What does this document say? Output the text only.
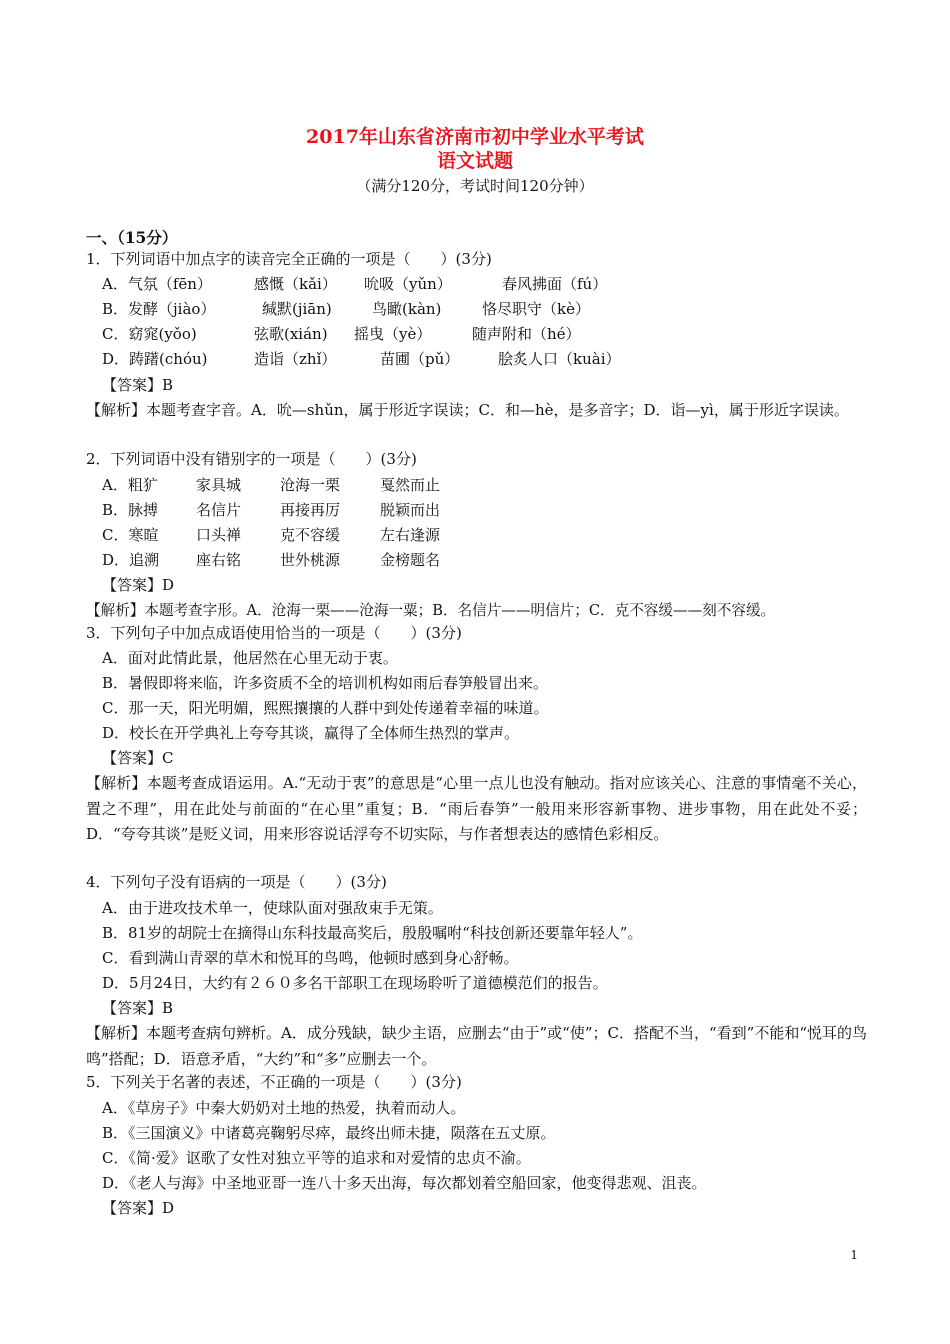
2017年山东省济南市初中学业水平考试
语文试题
（满分120分，考试时间120分钟）
一、（15分）
1．下列词语中加点字的读音完全正确的一项是（　　）(3分)
A．气氛（fēn）	感慨（kǎi） 吮吸（yǔn）	春风拂面（fú）
B．发酵（jiào）	缄默(jiān)	鸟瞰(kàn)	恪尽职守（kè）
C．窈窕(yǒo)	弦歌(xián) 摇曳（yè）	随声附和（hé）
D．踌躇(chóu)	造诣（zhǐ）	苗圃（pǔ）	脍炙人口（kuài）
【答案】B
【解析】本题考查字音。A．吮—shǔn，属于形近字误读；C．和—hè，是多音字；D．诣—yì，属于形近字误读。
2．下列词语中没有错别字的一项是（　　）(3分)
A．粗犷	家具城	沧海一栗	戛然而止
B．脉搏	名信片	再接再厉	脱颖而出
C．寒暄	口头禅	克不容缓	左右逢源
D．追溯 座右铭	世外桃源	金榜题名
【答案】D
【解析】本题考查字形。A．沧海一栗——沧海一粟；B．名信片——明信片；C．克不容缓——刻不容缓。
3．下列句子中加点成语使用恰当的一项是（　　）(3分)
A．面对此情此景，他居然在心里无动于衷。
B．暑假即将来临，许多资质不全的培训机构如雨后春笋般冒出来。
C．那一天，阳光明媚，熙熙攘攘的人群中到处传递着幸福的味道。
D．校长在开学典礼上夸夸其谈，赢得了全体师生热烈的掌声。
【答案】C
【解析】本题考查成语运用。A.“无动于衷”的意思是“心里一点儿也没有触动。指对应该关心、注意的事情毫不关心，置之不理”，用在此处与前面的“在心里”重复；B．“雨后春笋”一般用来形容新事物、进步事物，用在此处不妥；D．“夸夸其谈”是贬义词，用来形容说话浮夸不切实际，与作者想表达的感情色彩相反。
4．下列句子没有语病的一项是（　　）(3分)
A．由于进攻技术单一，使球队面对强敌束手无策。
B．81岁的胡院士在摘得山东科技最高奖后，殷殷嘱咐“科技创新还要靠年轻人”。
C．看到满山青翠的草木和悦耳的鸟鸣，他顿时感到身心舒畅。
D．5月24日，大约有２６０多名干部职工在现场聆听了道德模范们的报告。
【答案】B
【解析】本题考查病句辨析。A．成分残缺，缺少主语，应删去“由于”或“使”；C．搭配不当，“看到”不能和“悦耳的鸟鸣”搭配；D．语意矛盾，“大约”和“多”应删去一个。
5．下列关于名著的表述，不正确的一项是（　　）(3分)
A．《草房子》中秦大奶奶对土地的热爱，执着而动人。
B．《三国演义》中诸葛亮鞠躬尽瘁，最终出师未捷，陨落在五丈原。
C．《简·爱》讴歌了女性对独立平等的追求和对爱情的忠贞不渝。
D．《老人与海》中圣地亚哥一连八十多天出海，每次都划着空船回家，他变得悲观、沮丧。
【答案】D
1
